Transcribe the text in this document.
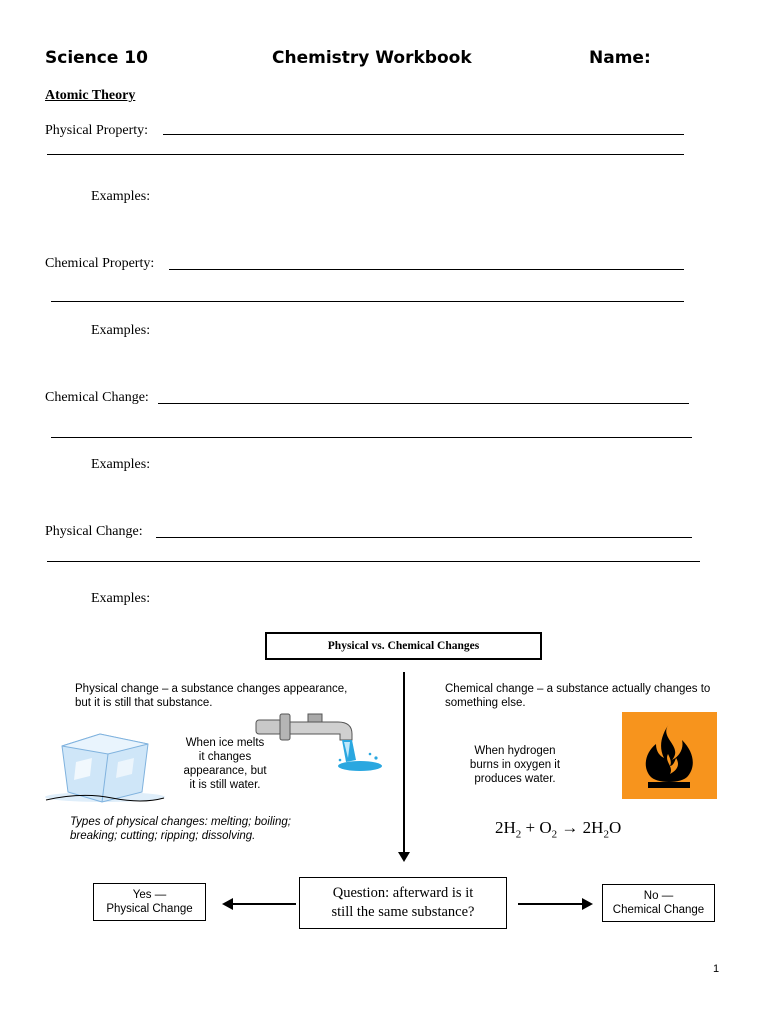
Science 10	Chemistry Workbook	Name:
Atomic Theory
Physical Property:
Examples:
Chemical Property:
Examples:
Chemical Change:
Examples:
Physical Change:
Examples:
Physical vs. Chemical Changes
Physical change – a substance changes appearance,
but it is still that substance.
Chemical change – a substance actually changes to
something else.
When ice melts
it changes
appearance, but
it is still water.
Types of physical changes: melting; boiling;
breaking; cutting; ripping; dissolving.
When hydrogen
burns in oxygen it
produces water.
$2H_2 + O_2 \to 2H_2O$
Question: afterward is it
still the same substance?
Yes —
Physical Change
No —
Chemical Change
1
